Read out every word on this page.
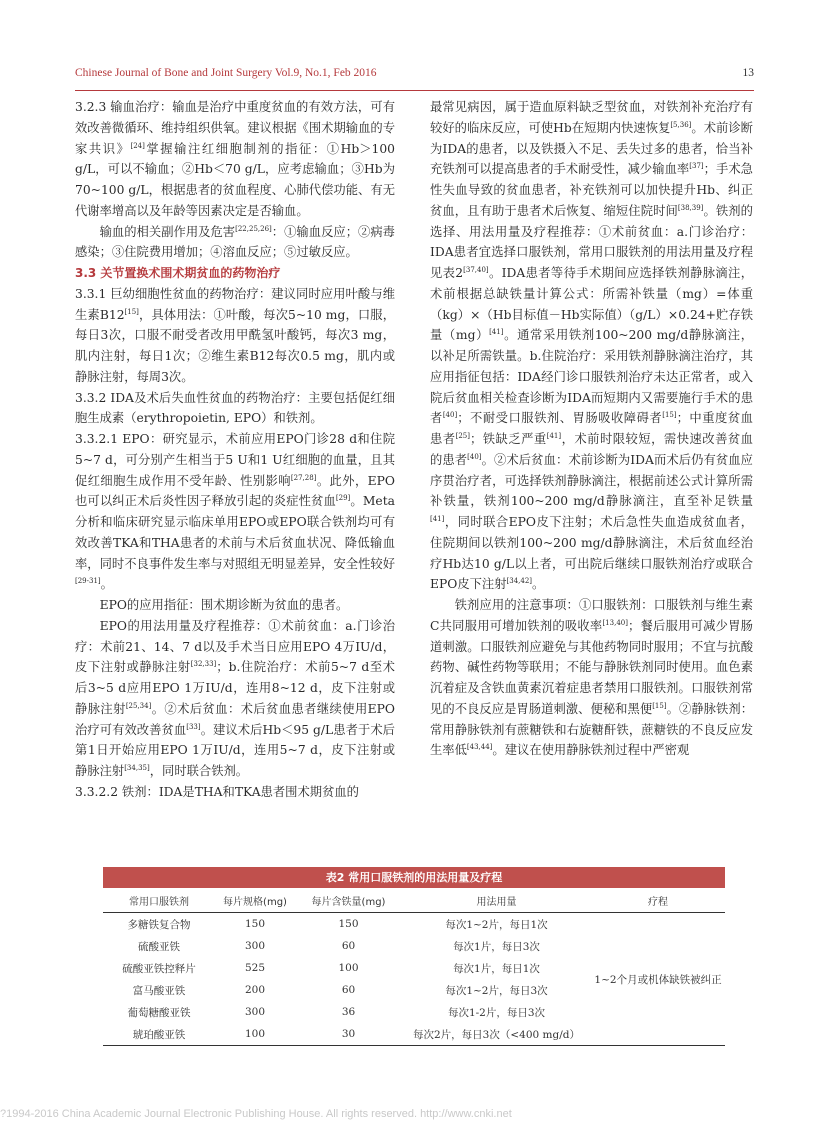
Chinese Journal of Bone and Joint Surgery Vol.9, No.1, Feb 2016	13

3.2.3 输血治疗：输血是治疗中重度贫血的有效方法，可有效改善微循环、维持组织供氧。建议根据《围术期输血的专家共识》[24]掌握输注红细胞制剂的指征：①Hb＞100 g/L，可以不输血；②Hb＜70 g/L，应考虑输血；③Hb为70~100 g/L，根据患者的贫血程度、心肺代偿功能、有无代谢率增高以及年龄等因素决定是否输血。

输血的相关副作用及危害[22,25,26]：①输血反应；②病毒感染；③住院费用增加；④溶血反应；⑤过敏反应。

3.3 关节置换术围术期贫血的药物治疗

3.3.1 巨幼细胞性贫血的药物治疗：建议同时应用叶酸与维生素B12[15]，具体用法：①叶酸，每次5~10 mg，口服，每日3次，口服不耐受者改用甲酰氢叶酸钙，每次3 mg，肌内注射，每日1次；②维生素B12每次0.5 mg，肌内或静脉注射，每周3次。

3.3.2 IDA及术后失血性贫血的药物治疗：主要包括促红细胞生成素（erythropoietin, EPO）和铁剂。

3.3.2.1 EPO：研究显示，术前应用EPO门诊28 d和住院5~7 d，可分别产生相当于5 U和1 U红细胞的血量，且其促红细胞生成作用不受年龄、性别影响[27,28]。此外，EPO也可以纠正术后炎性因子释放引起的炎症性贫血[29]。Meta分析和临床研究显示临床单用EPO或EPO联合铁剂均可有效改善TKA和THA患者的术前与术后贫血状况、降低输血率，同时不良事件发生率与对照组无明显差异，安全性较好[29-31]。

EPO的应用指征：围术期诊断为贫血的患者。

EPO的用法用量及疗程推荐：①术前贫血：a.门诊治疗：术前21、14、7 d以及手术当日应用EPO 4万IU/d，皮下注射或静脉注射[32,33]；b.住院治疗：术前5~7 d至术后3~5 d应用EPO 1万IU/d，连用8~12 d，皮下注射或静脉注射[25,34]。②术后贫血：术后贫血患者继续使用EPO治疗可有效改善贫血[33]。建议术后Hb＜95 g/L患者于术后第1日开始应用EPO 1万IU/d，连用5~7 d，皮下注射或静脉注射[34,35]，同时联合铁剂。

3.3.2.2 铁剂：IDA是THA和TKA患者围术期贫血的

最常见病因，属于造血原料缺乏型贫血，对铁剂补充治疗有较好的临床反应，可使Hb在短期内快速恢复[5,36]。术前诊断为IDA的患者，以及铁摄入不足、丢失过多的患者，恰当补充铁剂可以提高患者的手术耐受性，减少输血率[37]；手术急性失血导致的贫血患者，补充铁剂可以加快提升Hb、纠正贫血，且有助于患者术后恢复、缩短住院时间[38,39]。铁剂的选择、用法用量及疗程推荐：①术前贫血：a.门诊治疗：IDA患者宜选择口服铁剂，常用口服铁剂的用法用量及疗程见表2[37,40]。IDA患者等待手术期间应选择铁剂静脉滴注，术前根据总缺铁量计算公式：所需补铁量（mg）=体重（kg）×（Hb目标值－Hb实际值）（g/L）×0.24+贮存铁量（mg）[41]。通常采用铁剂100~200 mg/d静脉滴注，以补足所需铁量。b.住院治疗：采用铁剂静脉滴注治疗，其应用指征包括：IDA经门诊口服铁剂治疗未达正常者，或入院后贫血相关检查诊断为IDA而短期内又需要施行手术的患者[40]；不耐受口服铁剂、胃肠吸收障碍者[15]；中重度贫血患者[25]；铁缺乏严重[41]，术前时限较短，需快速改善贫血的患者[40]。②术后贫血：术前诊断为IDA而术后仍有贫血应序贯治疗者，可选择铁剂静脉滴注，根据前述公式计算所需补铁量，铁剂100~200 mg/d静脉滴注，直至补足铁量[41]，同时联合EPO皮下注射；术后急性失血造成贫血者，住院期间以铁剂100~200 mg/d静脉滴注，术后贫血经治疗Hb达10 g/L以上者，可出院后继续口服铁剂治疗或联合EPO皮下注射[34,42]。

铁剂应用的注意事项：①口服铁剂：口服铁剂与维生素C共同服用可增加铁剂的吸收率[13,40]；餐后服用可减少胃肠道刺激。口服铁剂应避免与其他药物同时服用；不宜与抗酸药物、碱性药物等联用；不能与静脉铁剂同时使用。血色素沉着症及含铁血黄素沉着症患者禁用口服铁剂。口服铁剂常见的不良反应是胃肠道刺激、便秘和黑便[15]。②静脉铁剂：常用静脉铁剂有蔗糖铁和右旋糖酐铁，蔗糖铁的不良反应发生率低[43,44]。建议在使用静脉铁剂过程中严密观

表2 常用口服铁剂的用法用量及疗程
常用口服铁剂	每片规格(mg)	每片含铁量(mg)	用法用量	疗程
多糖铁复合物	150	150	每次1~2片，每日1次	1~2个月或机体缺铁被纠正
硫酸亚铁	300	60	每次1片，每日3次	
硫酸亚铁控释片	525	100	每次1片，每日1次	
富马酸亚铁	200	60	每次1~2片，每日3次	
葡萄糖酸亚铁	300	36	每次1-2片，每日3次	
琥珀酸亚铁	100	30	每次2片，每日3次（<400 mg/d）	
?1994-2016 China Academic Journal Electronic Publishing House. All rights reserved. http://www.cnki.net
